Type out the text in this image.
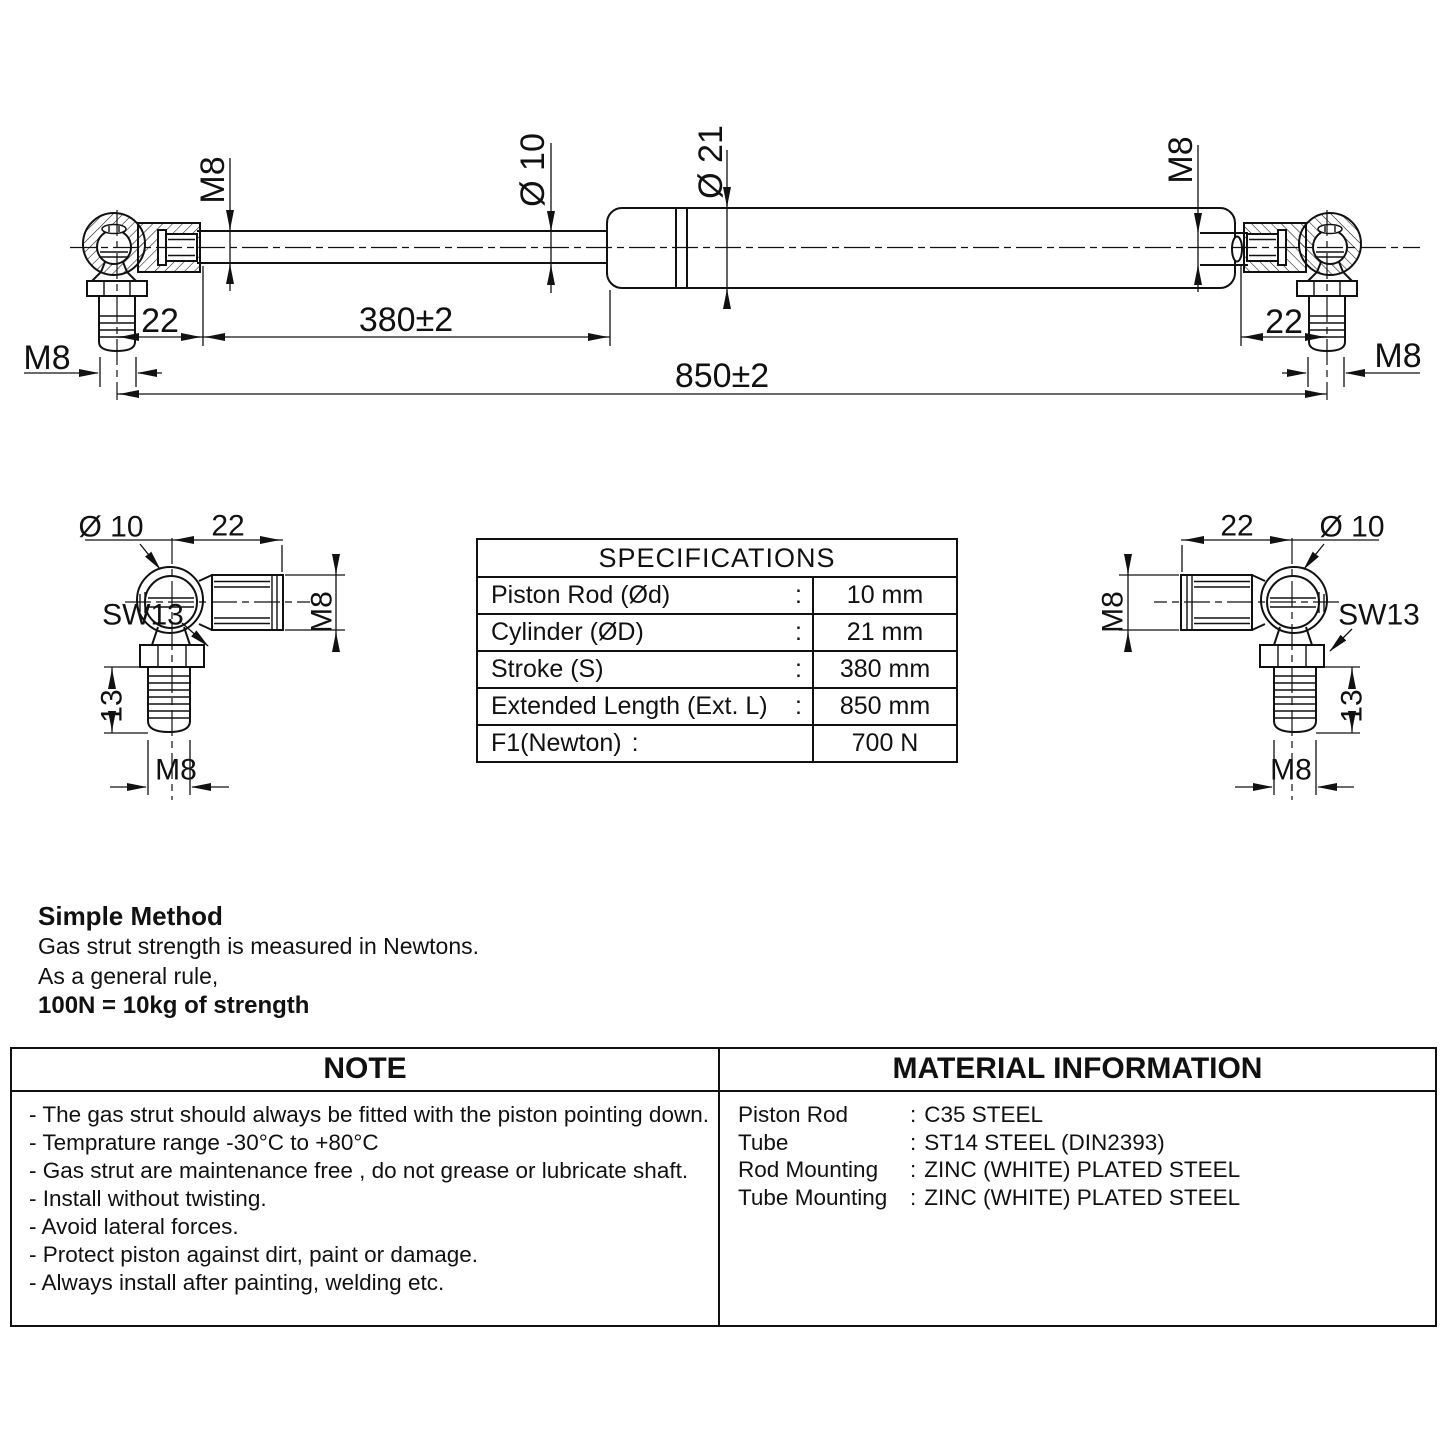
M8	Ø 10	Ø 21	M8
22	380±2
850±2
M8
22
M8
Ø 10 22
M8
SW13
13
M8
22 Ø 10
M8	SW13
13
M8
SPECIFICATIONS
Piston Rod (Ød)	:	10 mm
Cylinder (ØD)	:	21 mm
Stroke (S)	:	380 mm
Extended Length (Ext. L) :	850 mm
F1(Newton) :	700 N
Simple Method
Gas strut strength is measured in Newtons.
As a general rule,
100N = 10kg of strength
NOTE	MATERIAL INFORMATION
- The gas strut should always be fitted with the piston pointing down.
- Temprature range -30°C to +80°C
- Gas strut are maintenance free , do not grease or lubricate shaft.
- Install without twisting.
- Avoid lateral forces.
- Protect piston against dirt, paint or damage.
- Always install after painting, welding etc.
Piston Rod	: C35 STEEL
Tube	: ST14 STEEL (DIN2393)
Rod Mounting	: ZINC (WHITE) PLATED STEEL
Tube Mounting	: ZINC (WHITE) PLATED STEEL
